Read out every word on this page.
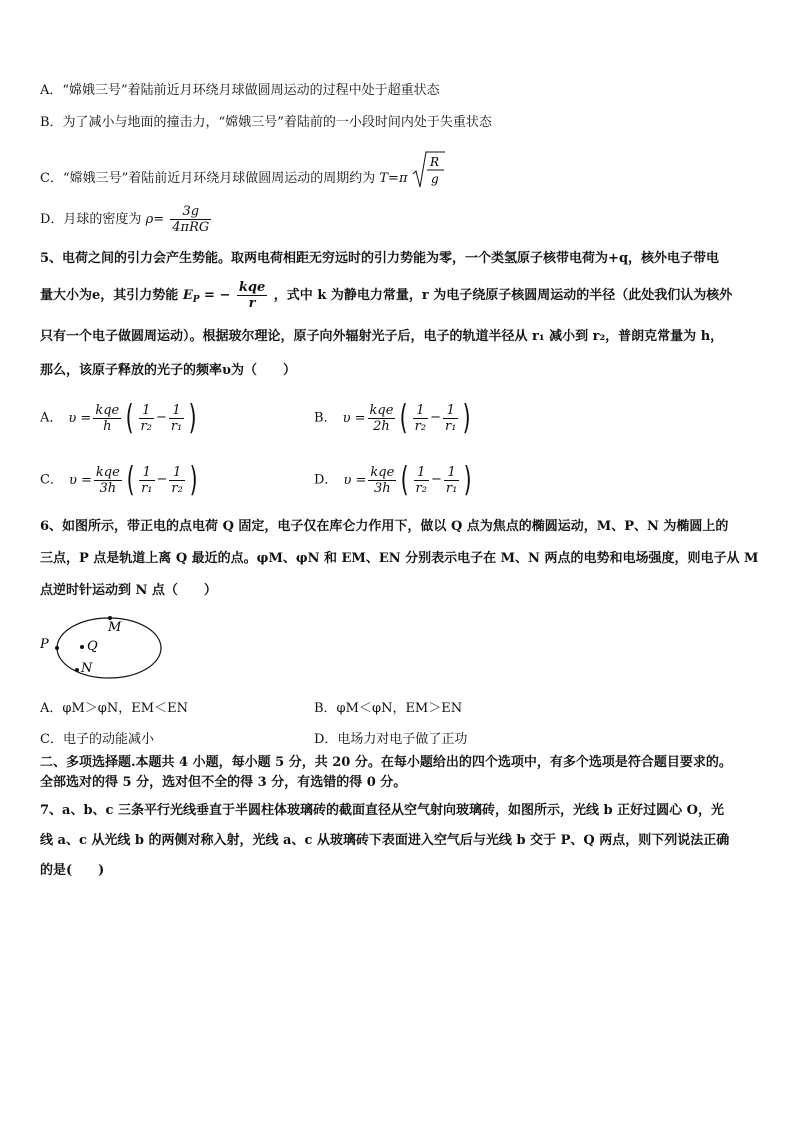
A．“嫦娥三号”着陆前近月环绕月球做圆周运动的过程中处于超重状态
B．为了减小与地面的撞击力，“嫦娥三号”着陆前的一小段时间内处于失重状态
C．“嫦娥三号”着陆前近月环绕月球做圆周运动的周期约为 T=π
R
g
D．月球的密度为 $\rho= \frac{3g}{\text{4πRG}}$
5、电荷之间的引力会产生势能。取两电荷相距无穷远时的引力势能为零，一个类氢原子核带电荷为+q，核外电子带电
量大小为e，其引力势能 $E_P$ = − $\frac{\text{kqe}}{r}$ ，式中 k 为静电力常量，r 为电子绕原子核圆周运动的半径（此处我们认为核外
只有一个电子做圆周运动）。根据玻尔理论，原子向外辐射光子后，电子的轨道半径从 r₁ 减小到 r₂，普朗克常量为 h，
那么，该原子释放的光子的频率υ为（　　）
A． $\upsilon = \frac{\text{kqe}}{h}$ ( $\frac{1}{\text{r₂}} - \frac{1}{\text{r₁}}$ )	B． $\upsilon = \frac{\text{kqe}}{2h}$ ( $\frac{1}{\text{r₂}} - \frac{1}{\text{r₁}}$ )
C． $\upsilon = \frac{\text{kqe}}{3h}$ ( $\frac{1}{\text{r₁}} - \frac{1}{\text{r₂}}$ )	D． $\upsilon = \frac{\text{kqe}}{3h}$ ( $\frac{1}{\text{r₂}} - \frac{1}{\text{r₁}}$ )
6、如图所示，带正电的点电荷 Q 固定，电子仅在库仑力作用下，做以 Q 点为焦点的椭圆运动，M、P、N 为椭圆上的
三点，P 点是轨道上离 Q 最近的点。φM、φN 和 EM、EN 分别表示电子在 M、N 两点的电势和电场强度，则电子从 M
点逆时针运动到 N 点（　　）
P	Q
M
N
A．φM＞φN，EM＜EN	B．φM＜φN，EM＞EN
C．电子的动能减小	D．电场力对电子做了正功
二、多项选择题.本题共 4 小题，每小题 5 分，共 20 分。在每小题给出的四个选项中，有多个选项是符合题目要求的。
全部选对的得 5 分，选对但不全的得 3 分，有选错的得 0 分。
7、a、b、c 三条平行光线垂直于半圆柱体玻璃砖的截面直径从空气射向玻璃砖，如图所示，光线 b 正好过圆心 O，光
线 a、c 从光线 b 的两侧对称入射，光线 a、c 从玻璃砖下表面进入空气后与光线 b 交于 P、Q 两点，则下列说法正确
的是(　　)
